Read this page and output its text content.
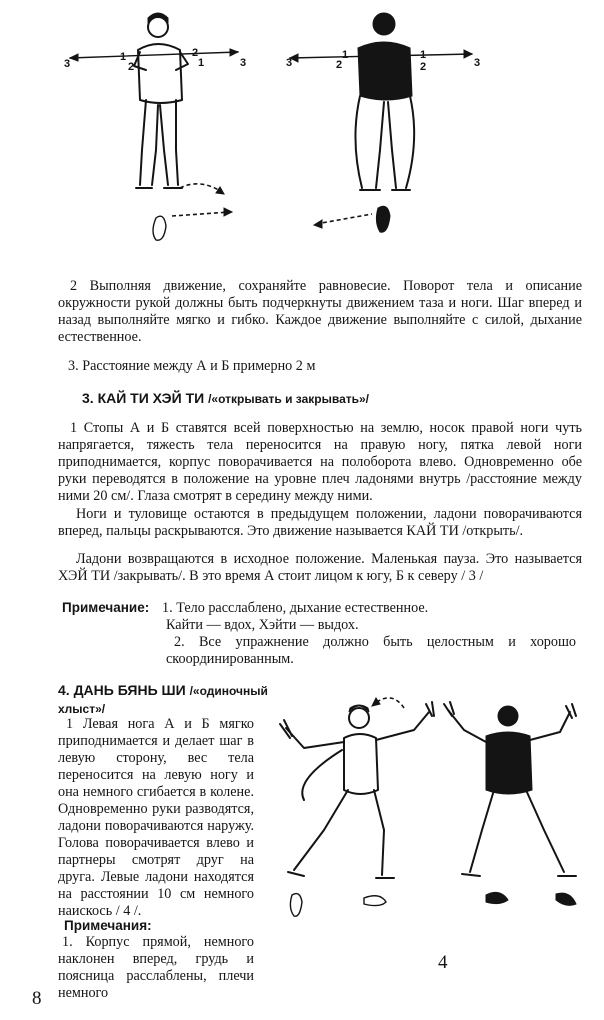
3
1
2
2
1	3	3	2
1	1
2	3

2 Выполняя движение, сохраняйте равновесие. Поворот тела и описание окружности рукой должны быть подчеркнуты движением таза и ноги. Шаг вперед и назад выполняйте мягко и гибко. Каждое движение выполняйте с силой, дыхание естественное.

3. Расстояние между А и Б примерно 2 м

3. КАЙ ТИ ХЭЙ ТИ /«открывать и закрывать»/

1 Стопы А и Б ставятся всей поверхностью на землю, носок правой ноги чуть напрягается, тяжесть тела переносится на правую ногу, пятка левой ноги приподнимается, корпус поворачивается на полоборота влево. Одновременно обе руки переводятся в положение на уровне плеч ладонями внутрь /расстояние между ними 20 см/. Глаза смотрят в середину между ними.

Ноги и туловище остаются в предыдущем положении, ладони поворачиваются вперед, пальцы раскрываются. Это движение называется КАЙ ТИ /открыть/.

Ладони возвращаются в исходное положение. Маленькая пауза. Это называется ХЭЙ ТИ /закрывать/. В это время А стоит лицом к югу, Б к северу / 3 /

Примечание: 1. Тело расслаблено, дыхание естественное.
Кайти — вдох, Хэйти — выдох.

2. Все упражнение должно быть целостным и хорошо скоординированным.

4. ДАНЬ БЯНЬ ШИ /«одиночный хлыст»/

1 Левая нога А и Б мягко приподнимается и делает шаг в левую сторону, вес тела переносится на левую ногу и она немного сгибается в колене. Одновременно руки разводятся, ладони поворачиваются наружу. Голова поворачивается влево и партнеры смотрят друг на друга. Левые ладони находятся на расстоянии 10 см немного наискось / 4 /.

Примечания:

1. Корпус прямой, немного наклонен вперед, грудь и поясница расслаблены, плечи немного

4
8
